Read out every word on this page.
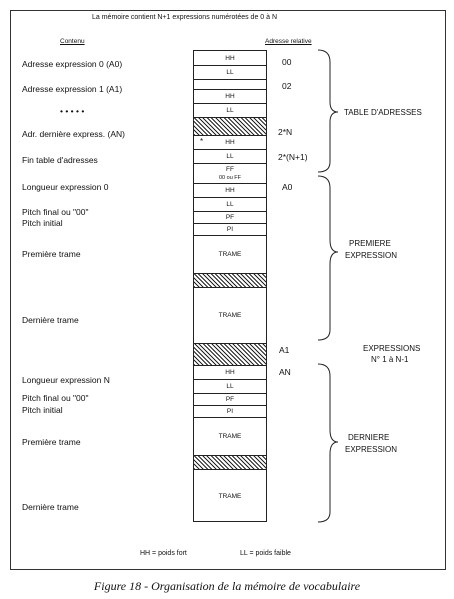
La mémoire contient N+1 expressions numérotées de 0 à N
Contenu	Adresse relative
Adresse expression 0 (A0)
Adresse expression 1 (A1)
• • • • •
Adr. dernière express. (AN)
Fin table d'adresses
Longueur expression 0
Pitch final ou "00"
Pitch initial
Première trame
Dernière trame
Longueur expression N
Pitch final ou "00"
Pitch initial
Première trame
Dernière trame
HH
LL
HH
LL
*	HH
LL
FF
00 ou FF
HH
LL
PF
PI
TRAME
TRAME
HH
LL
PF
PI
TRAME
TRAME
00
02
2*N
2*(N+1)
A0
A1
AN
TABLE D'ADRESSES
PREMIERE
EXPRESSION
EXPRESSIONS
N° 1 à N-1
DERNIERE
EXPRESSION
HH = poids fort	LL = poids faible
Figure 18 - Organisation de la mémoire de vocabulaire
